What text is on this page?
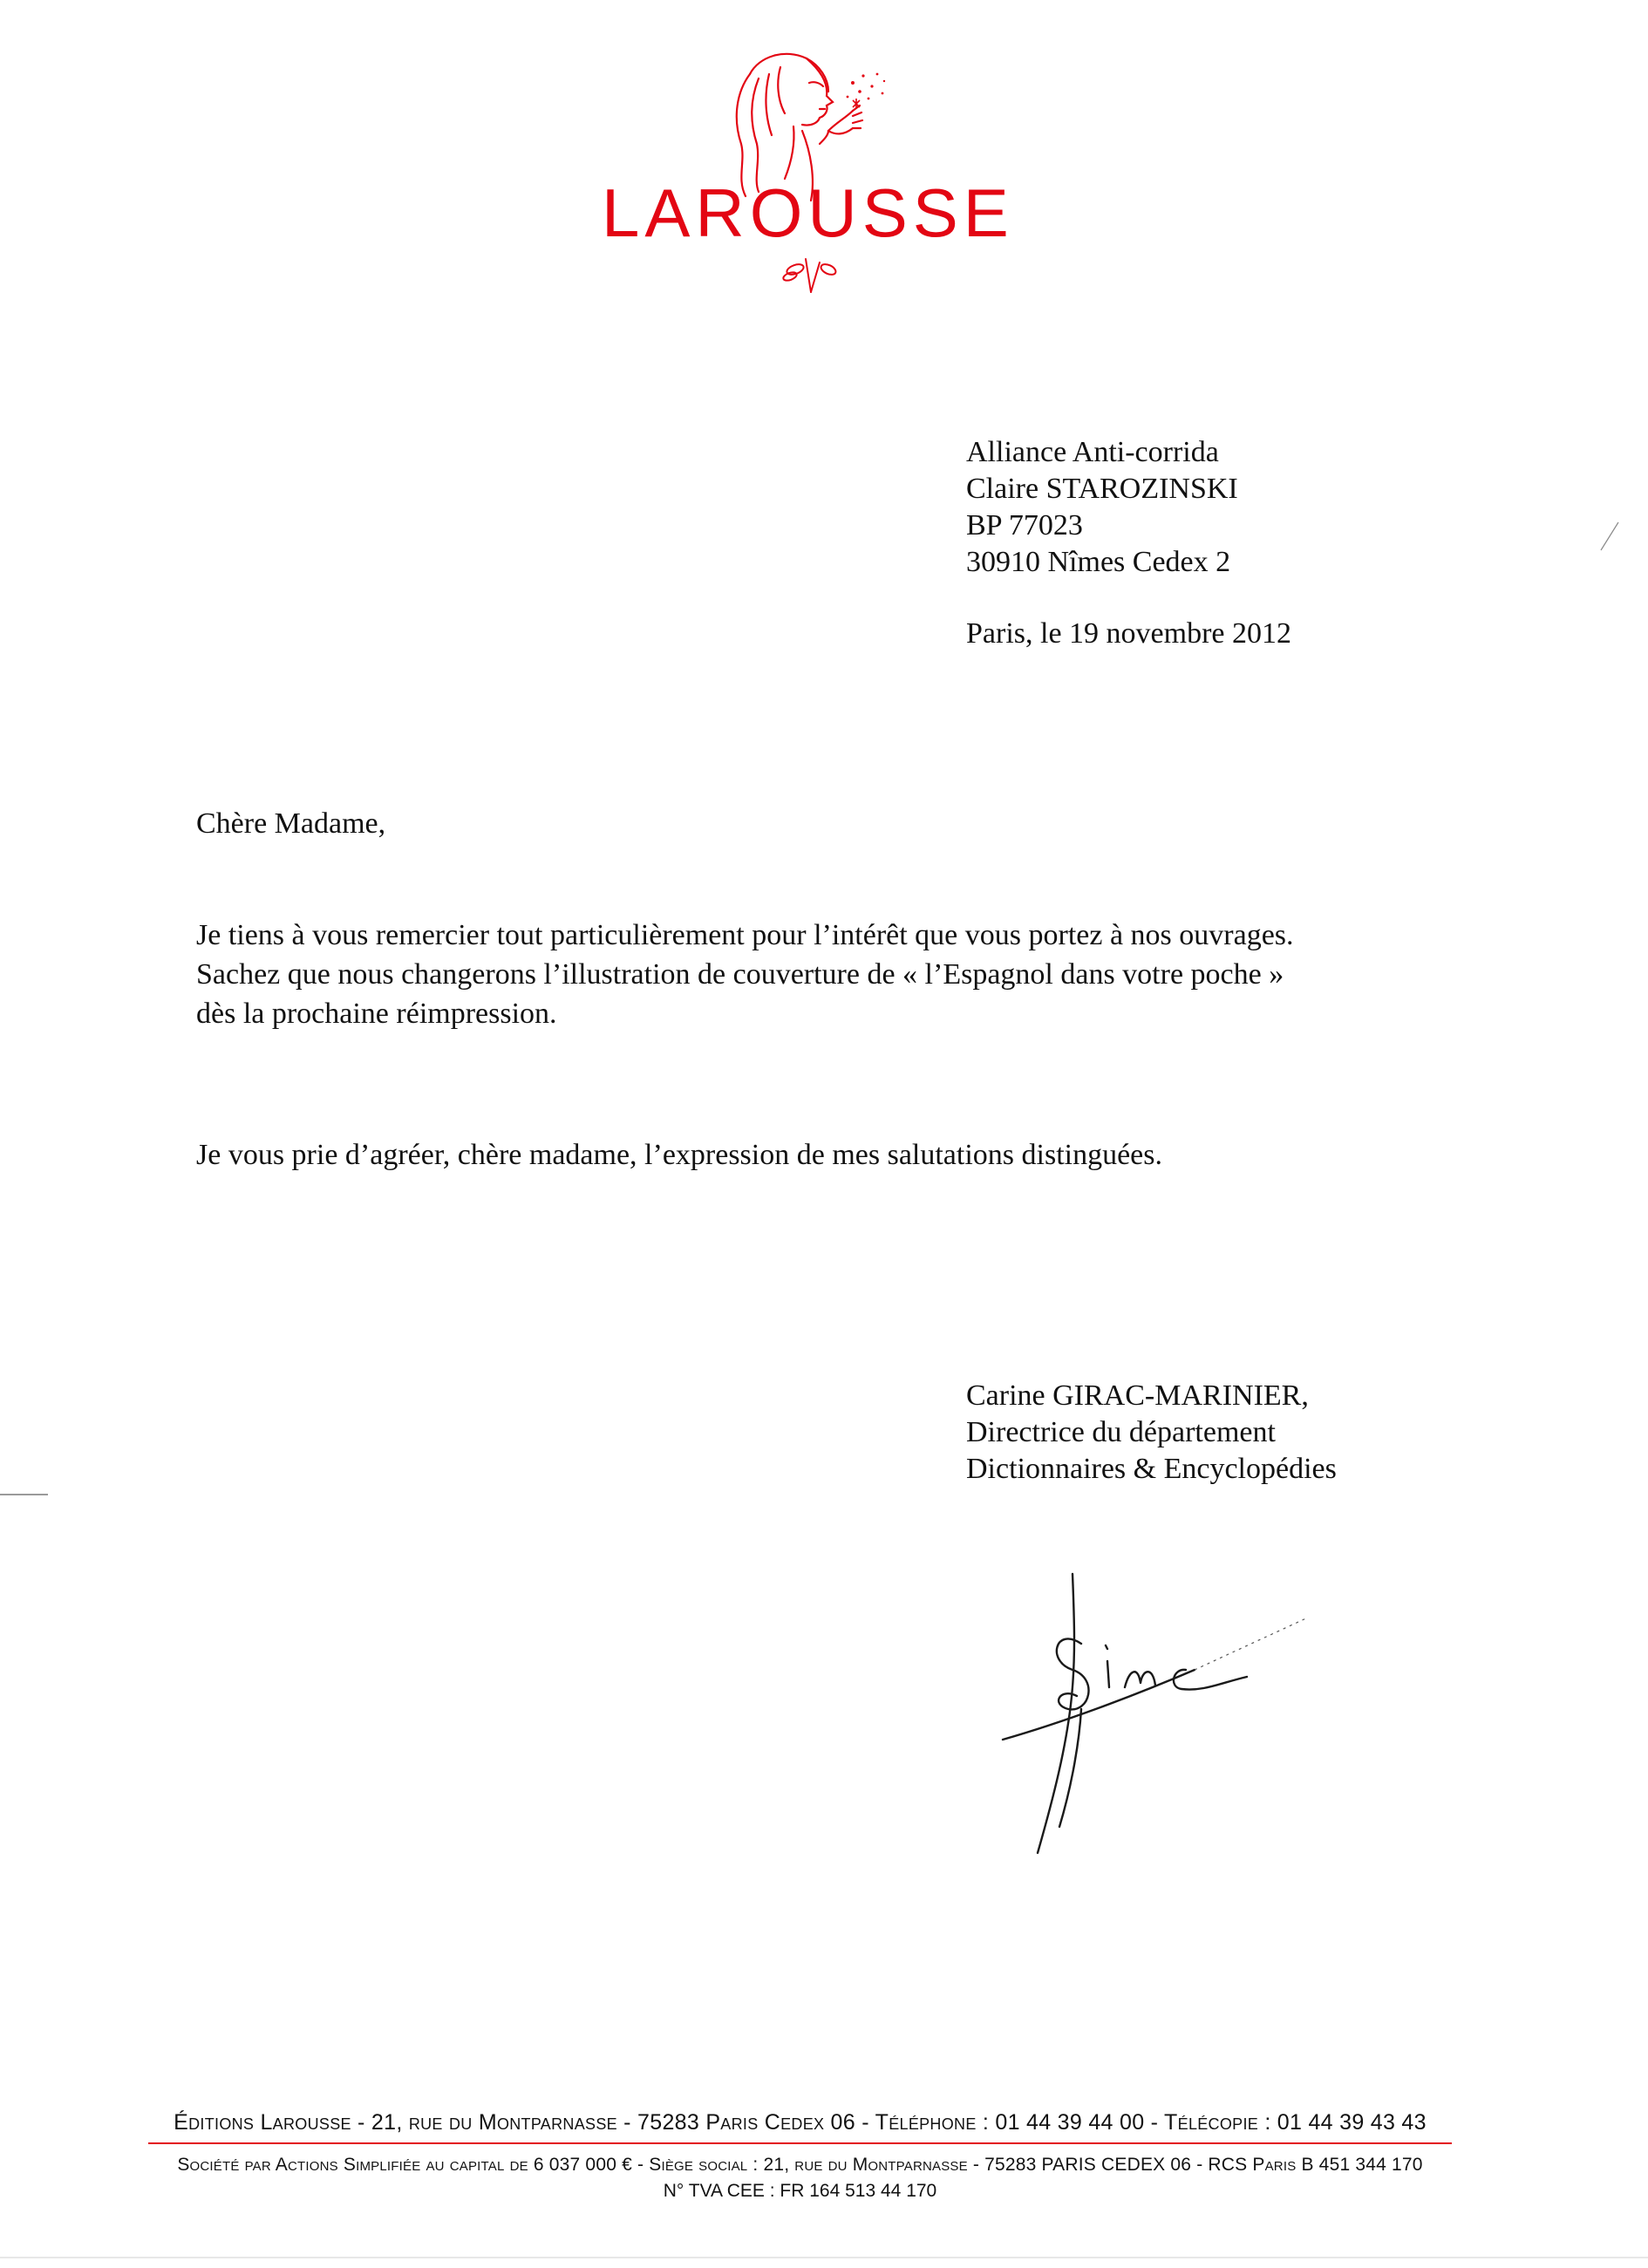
LAROUSSE
Alliance Anti-corrida
Claire STAROZINSKI
BP 77023
30910 Nîmes Cedex 2
Paris, le 19 novembre 2012
Chère Madame,
Je tiens à vous remercier tout particulièrement pour l’intérêt que vous portez à nos ouvrages.
Sachez que nous changerons l’illustration de couverture de « l’Espagnol dans votre poche »
dès la prochaine réimpression.
Je vous prie d’agréer, chère madame, l’expression de mes salutations distinguées.
Carine GIRAC-MARINIER,
Directrice du département
Dictionnaires & Encyclopédies
Éditions Larousse - 21, rue du Montparnasse - 75283 Paris Cedex 06 - Téléphone : 01 44 39 44 00 - Télécopie : 01 44 39 43 43
Société par Actions Simplifiée au capital de 6 037 000 € - Siège social : 21, rue du Montparnasse - 75283 PARIS CEDEX 06 - RCS Paris B 451 344 170
N° TVA CEE : FR 164 513 44 170
